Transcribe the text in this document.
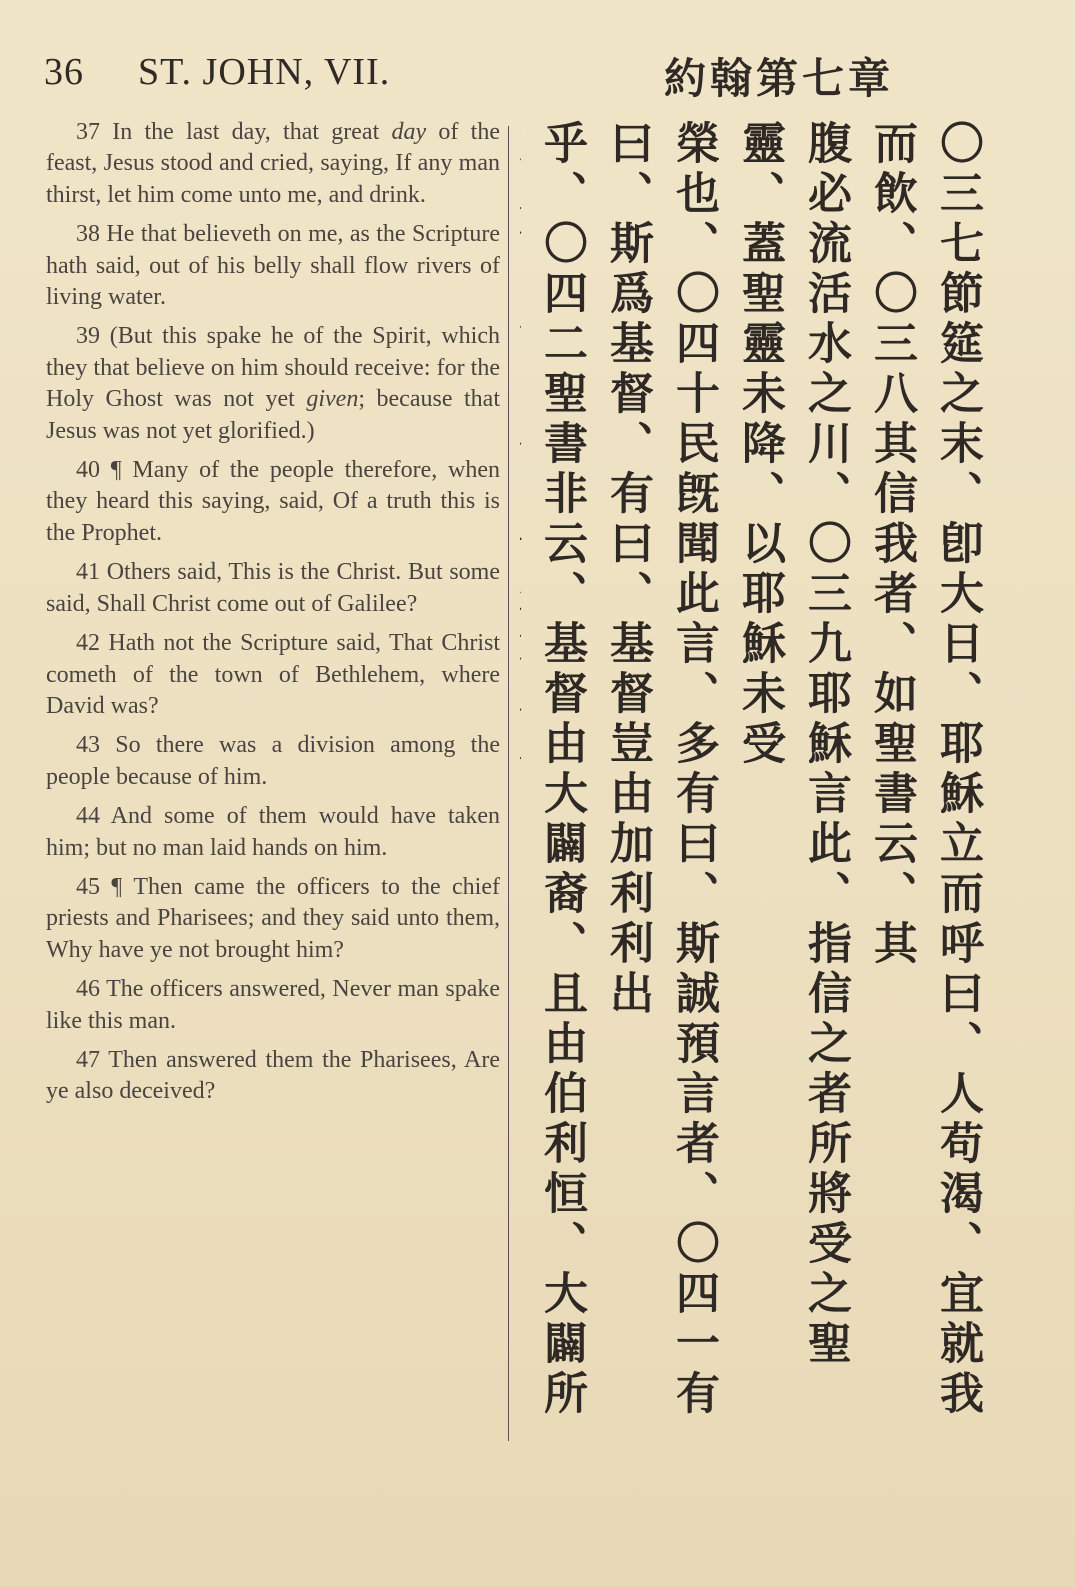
36 ST. JOHN, VII.	約翰第七章

37 In the last day, that great day of the feast, Jesus stood and cried, saying, If any man thirst, let him come unto me, and drink.

38 He that believeth on me, as the Scripture hath said, out of his belly shall flow rivers of living water.

39 (But this spake he of the Spirit, which they that believe on him should receive: for the Holy Ghost was not yet given; because that Jesus was not yet glorified.)

40 ¶ Many of the people therefore, when they heard this saying, said, Of a truth this is the Prophet.

41 Others said, This is the Christ. But some said, Shall Christ come out of Galilee?

42 Hath not the Scripture said, That Christ cometh of the town of Bethlehem, where David was?

43 So there was a division among the people because of him.

44 And some of them would have taken him; but no man laid hands on him.

45 ¶ Then came the officers to the chief priests and Pharisees; and they said unto them, Why have ye not brought him?

46 The officers answered, Never man spake like this man.

47 Then answered them the Pharisees, Are ye also deceived?	〇三七節筵之末、卽大日、耶穌立而呼曰、人苟渴、宜就我而飲、〇三八其信我者、如聖書云、其

腹必流活水之川、〇三九耶穌言此、指信之者所將受之聖靈、蓋聖靈未降、以耶穌未受

榮也、〇四十民旣聞此言、多有曰、斯誠預言者、〇四一有曰、斯爲基督、有曰、基督豈由加利利出

乎、〇四二聖書非云、基督由大闢裔、且由伯利恒、大闢所
